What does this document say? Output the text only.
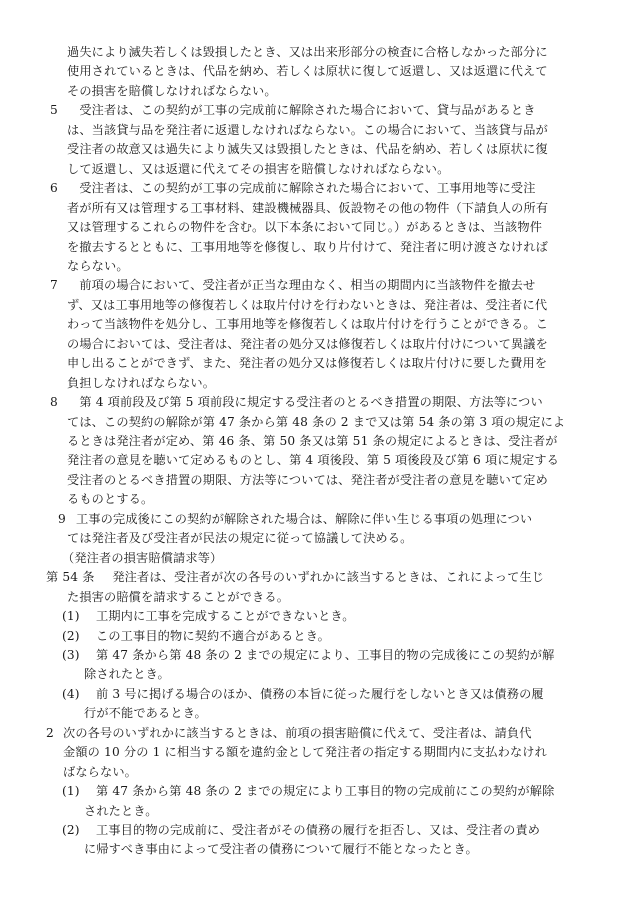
過失により滅失若しくは毀損したとき、又は出来形部分の検査に合格しなかった部分に
使用されているときは、代品を納め、若しくは原状に復して返還し、又は返還に代えて
その損害を賠償しなければならない。
5 　受注者は、この契約が工事の完成前に解除された場合において、貸与品があるとき
は、当該貸与品を発注者に返還しなければならない。この場合において、当該貸与品が
受注者の故意又は過失により滅失又は毀損したときは、代品を納め、若しくは原状に復
して返還し、又は返還に代えてその損害を賠償しなければならない。
6 　受注者は、この契約が工事の完成前に解除された場合において、工事用地等に受注
者が所有又は管理する工事材料、建設機械器具、仮設物その他の物件（下請負人の所有
又は管理するこれらの物件を含む。以下本条において同じ。）があるときは、当該物件
を撤去するとともに、工事用地等を修復し、取り片付けて、発注者に明け渡さなければ
ならない。
7 　前項の場合において、受注者が正当な理由なく、相当の期間内に当該物件を撤去せ
ず、又は工事用地等の修復若しくは取片付けを行わないときは、発注者は、受注者に代
わって当該物件を処分し、工事用地等を修復若しくは取片付けを行うことができる。こ
の場合においては、受注者は、発注者の処分又は修復若しくは取片付けについて異議を
申し出ることができず、また、発注者の処分又は修復若しくは取片付けに要した費用を
負担しなければならない。
8 　第 4 項前段及び第 5 項前段に規定する受注者のとるべき措置の期限、方法等につい
ては、この契約の解除が第 47 条から第 48 条の 2 まで又は第 54 条の第 3 項の規定によ
るときは発注者が定め、第 46 条、第 50 条又は第 51 条の規定によるときは、受注者が
発注者の意見を聴いて定めるものとし、第 4 項後段、第 5 項後段及び第 6 項に規定する
受注者のとるべき措置の期限、方法等については、発注者が受注者の意見を聴いて定め
るものとする。
9 工事の完成後にこの契約が解除された場合は、解除に伴い生じる事項の処理につい
ては発注者及び受注者が民法の規定に従って協議して決める。
（発注者の損害賠償請求等）
第 54 条 　発注者は、受注者が次の各号のいずれかに該当するときは、これによって生じ
た損害の賠償を請求することができる。
(1) 工期内に工事を完成することができないとき。
(2) この工事目的物に契約不適合があるとき。
(3) 第 47 条から第 48 条の 2 までの規定により、工事目的物の完成後にこの契約が解
除されたとき。
(4) 前 3 号に掲げる場合のほか、債務の本旨に従った履行をしないとき又は債務の履
行が不能であるとき。
2 次の各号のいずれかに該当するときは、前項の損害賠償に代えて、受注者は、請負代
金額の 10 分の 1 に相当する額を違約金として発注者の指定する期間内に支払わなけれ
ばならない。
(1) 第 47 条から第 48 条の 2 までの規定により工事目的物の完成前にこの契約が解除
されたとき。
(2) 工事目的物の完成前に、受注者がその債務の履行を拒否し、又は、受注者の責め
に帰すべき事由によって受注者の債務について履行不能となったとき。
